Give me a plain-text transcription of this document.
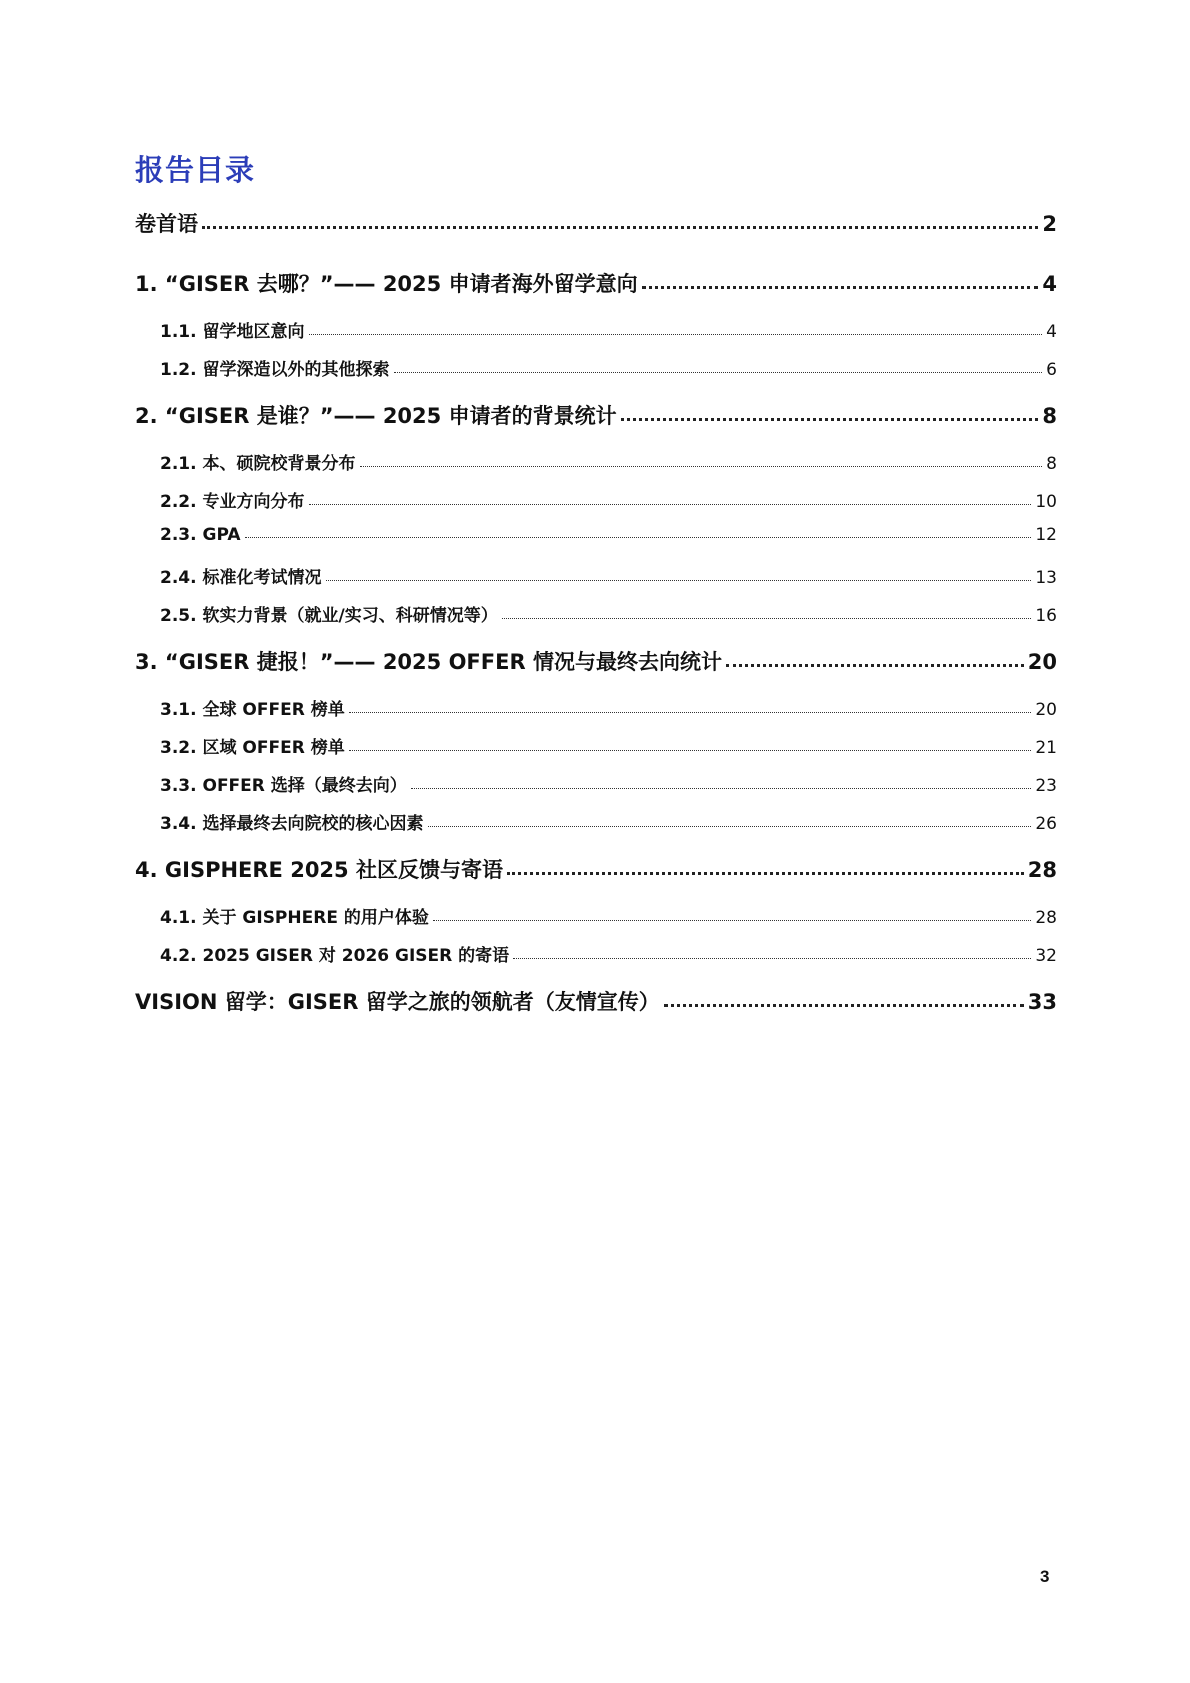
报告目录
卷首语	2
1. “GISER 去哪？”—— 2025 申请者海外留学意向	4
1.1. 留学地区意向	4
1.2. 留学深造以外的其他探索	6
2. “GISER 是谁？”—— 2025 申请者的背景统计	8
2.1. 本、硕院校背景分布	8
2.2. 专业方向分布	10
2.3. GPA	12
2.4. 标准化考试情况	13
2.5. 软实力背景（就业/实习、科研情况等）	16
3. “GISER 捷报！”—— 2025 OFFER 情况与最终去向统计	20
3.1. 全球 OFFER 榜单	20
3.2. 区域 OFFER 榜单	21
3.3. OFFER 选择（最终去向）	23
3.4. 选择最终去向院校的核心因素	26
4. GISPHERE 2025 社区反馈与寄语	28
4.1. 关于 GISPHERE 的用户体验	28
4.2. 2025 GISER 对 2026 GISER 的寄语	32
VISION 留学：GISER 留学之旅的领航者（友情宣传）	33
3
